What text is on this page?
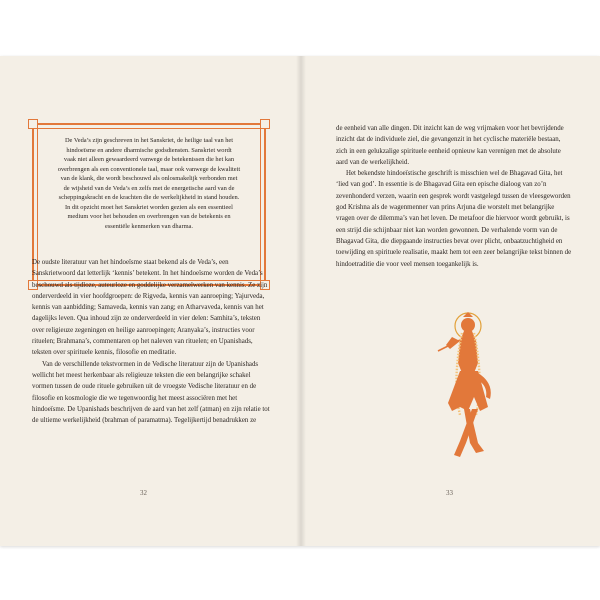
De Veda’s zijn geschreven in het Sanskriet, de heilige taal van het
hindoeïsme en andere dharmische godsdiensten. Sanskriet wordt
vaak niet alleen gewaardeerd vanwege de betekenissen die het kan
overbrengen als een conventionele taal, maar ook vanwege de kwaliteit
van de klank, die wordt beschouwd als onlosmakelijk verbonden met
de wijsheid van de Veda’s en zelfs met de energetische aard van de
scheppingskracht en de krachten die de werkelijkheid in stand houden.
In dit opzicht moet het Sanskriet worden gezien als een essentieel
medium voor het behouden en overbrengen van de betekenis en
essentiële kenmerken van dharma.

De oudste literatuur van het hindoeïsme staat bekend als de Veda’s, een Sanskrietwoord dat letterlijk ‘kennis’ betekent. In het hindoeïsme worden de Veda’s beschouwd als tijdloze, auteurloze en goddelijke verzamelwerken van kennis. Ze zijn onderverdeeld in vier hoofdgroepen: de Rigveda, kennis van aanroeping; Yajurveda, kennis van aanbidding; Samaveda, kennis van zang; en Atharvaveda, kennis van het dagelijks leven. Qua inhoud zijn ze onderverdeeld in vier delen: Samhita’s, teksten over religieuze zegeningen en heilige aanroepingen; Aranyaka’s, instructies voor rituelen; Brahmana’s, commentaren op het naleven van rituelen; en Upanishads, teksten over spirituele kennis, filosofie en meditatie.

Van de verschillende tekstvormen in de Vedische literatuur zijn de Upanishads wellicht het meest herkenbaar als religieuze teksten die een belangrijke schakel vormen tussen de oude rituele gebruiken uit de vroegste Vedische literatuur en de filosofie en kosmologie die we tegenwoordig het meest associëren met het hindoeïsme. De Upanishads beschrijven de aard van het zelf (atman) en zijn relatie tot de ultieme werkelijkheid (brahman of paramatma). Tegelijkertijd benadrukken ze

32

de eenheid van alle dingen. Dit inzicht kan de weg vrijmaken voor het bevrijdende inzicht dat de individuele ziel, die gevangenzit in het cyclische materiële bestaan, zich in een gelukzalige spirituele eenheid opnieuw kan verenigen met de absolute aard van de werkelijkheid.

Het bekendste hindoeïstische geschrift is misschien wel de Bhagavad Gita, het ‘lied van god’. In essentie is de Bhagavad Gita een epische dialoog van zo’n zevenhonderd verzen, waarin een gesprek wordt vastgelegd tussen de vleesgeworden god Krishna als de wagenmenner van prins Arjuna die worstelt met belangrijke vragen over de dilemma’s van het leven. De metafoor die hiervoor wordt gebruikt, is een strijd die schijnbaar niet kan worden gewonnen. De verhalende vorm van de Bhagavad Gita, die diepgaande instructies bevat over plicht, onbaatzuchtigheid en toewijding en spirituele realisatie, maakt hem tot een zeer belangrijke tekst binnen de hindoetraditie die voor veel mensen toegankelijk is.

33
